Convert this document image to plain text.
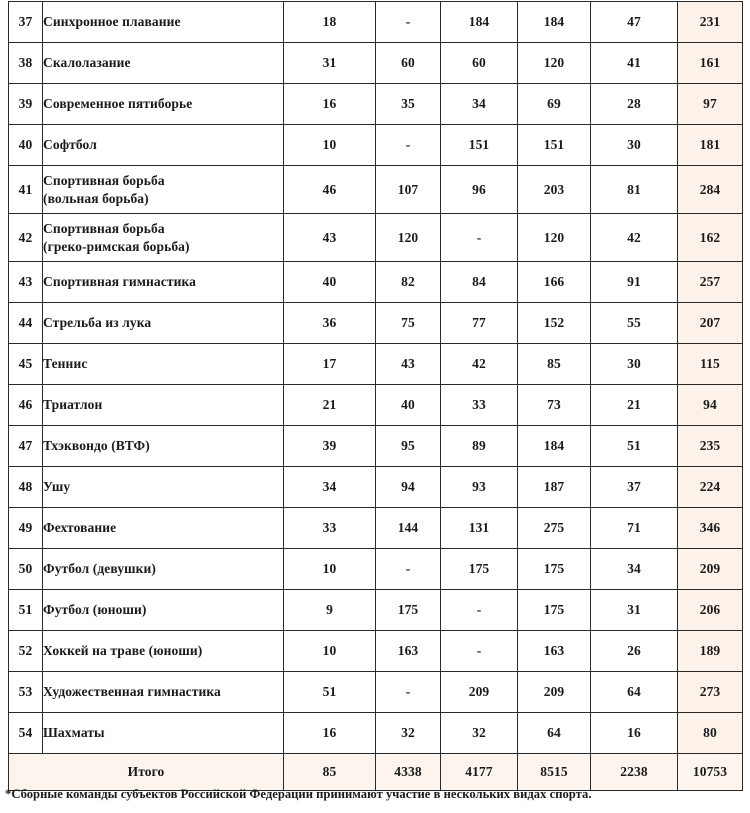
37	Синхронное плавание	18	-	184	184	47	231
38	Скалолазание	31	60	60	120	41	161
39	Современное пятиборье	16	35	34	69	28	97
40	Софтбол	10	-	151	151	30	181
41	Спортивная борьба
(вольная борьба)	46	107	96	203	81	284
42	Спортивная борьба
(греко-римская борьба)	43	120	-	120	42	162
43	Спортивная гимнастика	40	82	84	166	91	257
44	Стрельба из лука	36	75	77	152	55	207
45	Теннис	17	43	42	85	30	115
46	Триатлон	21	40	33	73	21	94
47	Тхэквондо (ВТФ)	39	95	89	184	51	235
48	Ушу	34	94	93	187	37	224
49	Фехтование	33	144	131	275	71	346
50	Футбол (девушки)	10	-	175	175	34	209
51	Футбол (юноши)	9	175	-	175	31	206
52	Хоккей на траве (юноши)	10	163	-	163	26	189
53	Художественная гимнастика	51	-	209	209	64	273
54	Шахматы	16	32	32	64	16	80
Итого		85	4338	4177	8515	2238	10753
*Сборные команды субъектов Российской Федерации принимают участие в нескольких видах спорта.
